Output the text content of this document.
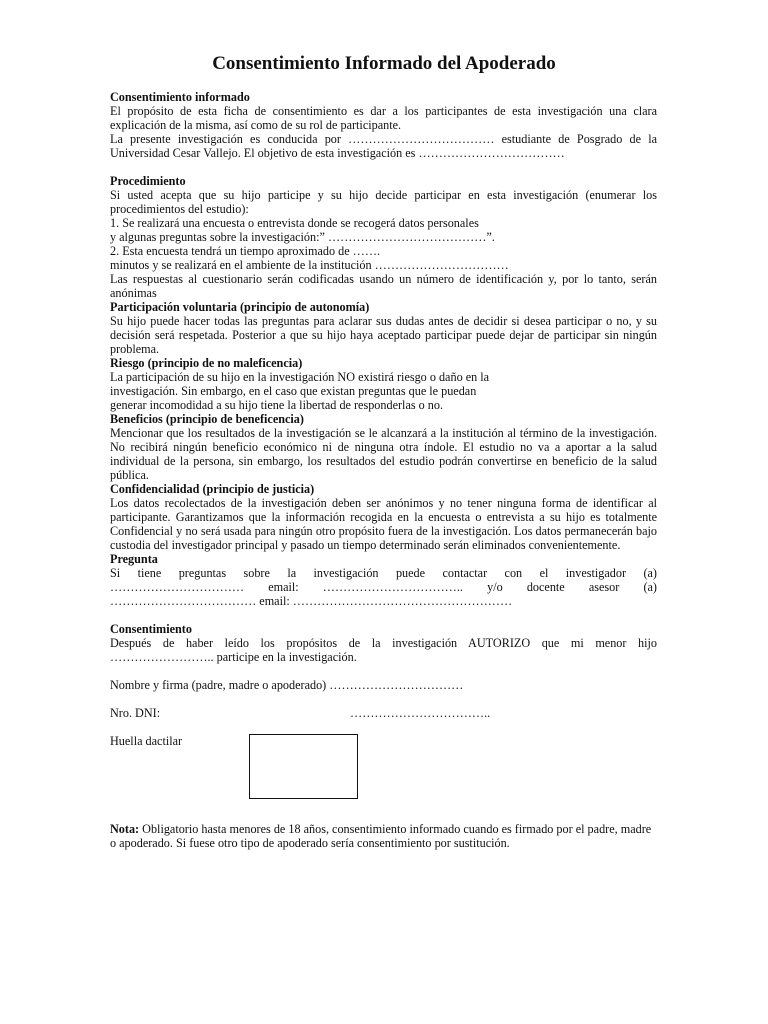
Consentimiento Informado del Apoderado
Consentimiento informado
El propósito de esta ficha de consentimiento es dar a los participantes de esta investigación una clara explicación de la misma, así como de su rol de participante.
La presente investigación es conducida por ……………………………… estudiante de Posgrado de la Universidad Cesar Vallejo. El objetivo de esta investigación es ………………………………
Procedimiento
Si usted acepta que su hijo participe y su hijo decide participar en esta investigación (enumerar los procedimientos del estudio):
1. Se realizará una encuesta o entrevista donde se recogerá datos personales
y algunas preguntas sobre la investigación:” …………………………………”.
2. Esta encuesta tendrá un tiempo aproximado de …….
minutos y se realizará en el ambiente de la institución ……………………………
Las respuestas al cuestionario serán codificadas usando un número de identificación y, por lo tanto, serán anónimas
Participación voluntaria (principio de autonomía)
Su hijo puede hacer todas las preguntas para aclarar sus dudas antes de decidir si desea participar o no, y su decisión será respetada. Posterior a que su hijo haya aceptado participar puede dejar de participar sin ningún problema.
Riesgo (principio de no maleficencia)
La participación de su hijo en la investigación NO existirá riesgo o daño en la
investigación. Sin embargo, en el caso que existan preguntas que le puedan
generar incomodidad a su hijo tiene la libertad de responderlas o no.
Beneficios (principio de beneficencia)
Mencionar que los resultados de la investigación se le alcanzará a la institución al término de la investigación. No recibirá ningún beneficio económico ni de ninguna otra índole. El estudio no va a aportar a la salud individual de la persona, sin embargo, los resultados del estudio podrán convertirse en beneficio de la salud pública.
Confidencialidad (principio de justicia)
Los datos recolectados de la investigación deben ser anónimos y no tener ninguna forma de identificar al participante. Garantizamos que la información recogida en la encuesta o entrevista a su hijo es totalmente Confidencial y no será usada para ningún otro propósito fuera de la investigación. Los datos permanecerán bajo custodia del investigador principal y pasado un tiempo determinado serán eliminados convenientemente.
Pregunta
Si tiene preguntas sobre la investigación puede contactar con el investigador (a)
…………………………… email: …………………………….. y/o docente asesor (a)
……………………………… email: ………………………………………………
Consentimiento
Después de haber leído los propósitos de la investigación AUTORIZO que mi menor hijo
…………………….. participe en la investigación.
Nombre y firma (padre, madre o apoderado) ……………………………
Nro. DNI:	……………………………..
Huella dactilar
Nota: Obligatorio hasta menores de 18 años, consentimiento informado cuando es firmado por el padre, madre o apoderado. Si fuese otro tipo de apoderado sería consentimiento por sustitución.
